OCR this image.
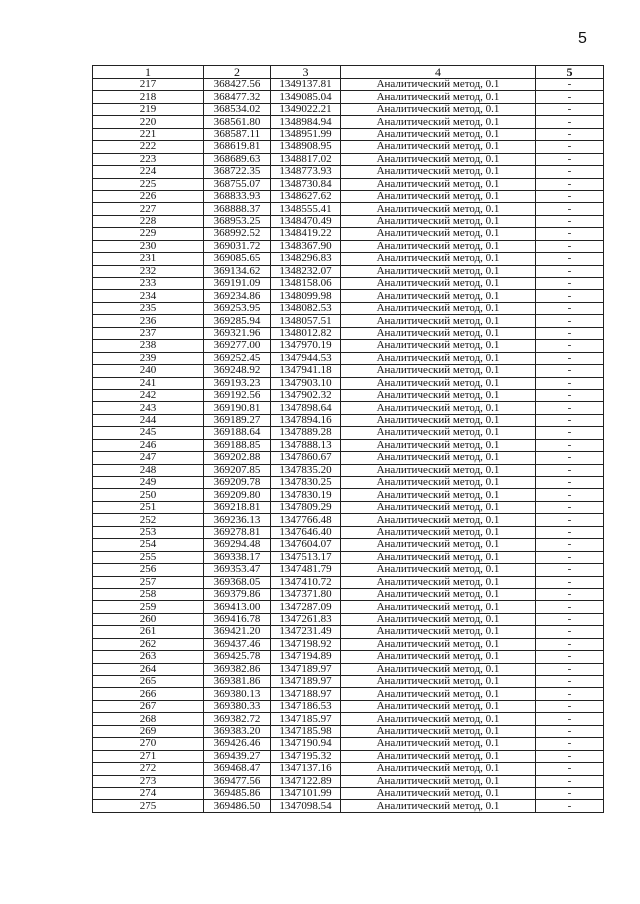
5
1	2	3	4	5
217	368427.56	1349137.81	Аналитический метод, 0.1	-
218	368477.32	1349085.04	Аналитический метод, 0.1	-
219	368534.02	1349022.21	Аналитический метод, 0.1	-
220	368561.80	1348984.94	Аналитический метод, 0.1	-
221	368587.11	1348951.99	Аналитический метод, 0.1	-
222	368619.81	1348908.95	Аналитический метод, 0.1	-
223	368689.63	1348817.02	Аналитический метод, 0.1	-
224	368722.35	1348773.93	Аналитический метод, 0.1	-
225	368755.07	1348730.84	Аналитический метод, 0.1	-
226	368833.93	1348627.62	Аналитический метод, 0.1	-
227	368888.37	1348555.41	Аналитический метод, 0.1	-
228	368953.25	1348470.49	Аналитический метод, 0.1	-
229	368992.52	1348419.22	Аналитический метод, 0.1	-
230	369031.72	1348367.90	Аналитический метод, 0.1	-
231	369085.65	1348296.83	Аналитический метод, 0.1	-
232	369134.62	1348232.07	Аналитический метод, 0.1	-
233	369191.09	1348158.06	Аналитический метод, 0.1	-
234	369234.86	1348099.98	Аналитический метод, 0.1	-
235	369253.95	1348082.53	Аналитический метод, 0.1	-
236	369285.94	1348057.51	Аналитический метод, 0.1	-
237	369321.96	1348012.82	Аналитический метод, 0.1	-
238	369277.00	1347970.19	Аналитический метод, 0.1	-
239	369252.45	1347944.53	Аналитический метод, 0.1	-
240	369248.92	1347941.18	Аналитический метод, 0.1	-
241	369193.23	1347903.10	Аналитический метод, 0.1	-
242	369192.56	1347902.32	Аналитический метод, 0.1	-
243	369190.81	1347898.64	Аналитический метод, 0.1	-
244	369189.27	1347894.16	Аналитический метод, 0.1	-
245	369188.64	1347889.28	Аналитический метод, 0.1	-
246	369188.85	1347888.13	Аналитический метод, 0.1	-
247	369202.88	1347860.67	Аналитический метод, 0.1	-
248	369207.85	1347835.20	Аналитический метод, 0.1	-
249	369209.78	1347830.25	Аналитический метод, 0.1	-
250	369209.80	1347830.19	Аналитический метод, 0.1	-
251	369218.81	1347809.29	Аналитический метод, 0.1	-
252	369236.13	1347766.48	Аналитический метод, 0.1	-
253	369278.81	1347646.40	Аналитический метод, 0.1	-
254	369294.48	1347604.07	Аналитический метод, 0.1	-
255	369338.17	1347513.17	Аналитический метод, 0.1	-
256	369353.47	1347481.79	Аналитический метод, 0.1	-
257	369368.05	1347410.72	Аналитический метод, 0.1	-
258	369379.86	1347371.80	Аналитический метод, 0.1	-
259	369413.00	1347287.09	Аналитический метод, 0.1	-
260	369416.78	1347261.83	Аналитический метод, 0.1	-
261	369421.20	1347231.49	Аналитический метод, 0.1	-
262	369437.46	1347198.92	Аналитический метод, 0.1	-
263	369425.78	1347194.89	Аналитический метод, 0.1	-
264	369382.86	1347189.97	Аналитический метод, 0.1	-
265	369381.86	1347189.97	Аналитический метод, 0.1	-
266	369380.13	1347188.97	Аналитический метод, 0.1	-
267	369380.33	1347186.53	Аналитический метод, 0.1	-
268	369382.72	1347185.97	Аналитический метод, 0.1	-
269	369383.20	1347185.98	Аналитический метод, 0.1	-
270	369426.46	1347190.94	Аналитический метод, 0.1	-
271	369439.27	1347195.32	Аналитический метод, 0.1	-
272	369468.47	1347137.16	Аналитический метод, 0.1	-
273	369477.56	1347122.89	Аналитический метод, 0.1	-
274	369485.86	1347101.99	Аналитический метод, 0.1	-
275	369486.50	1347098.54	Аналитический метод, 0.1	-
